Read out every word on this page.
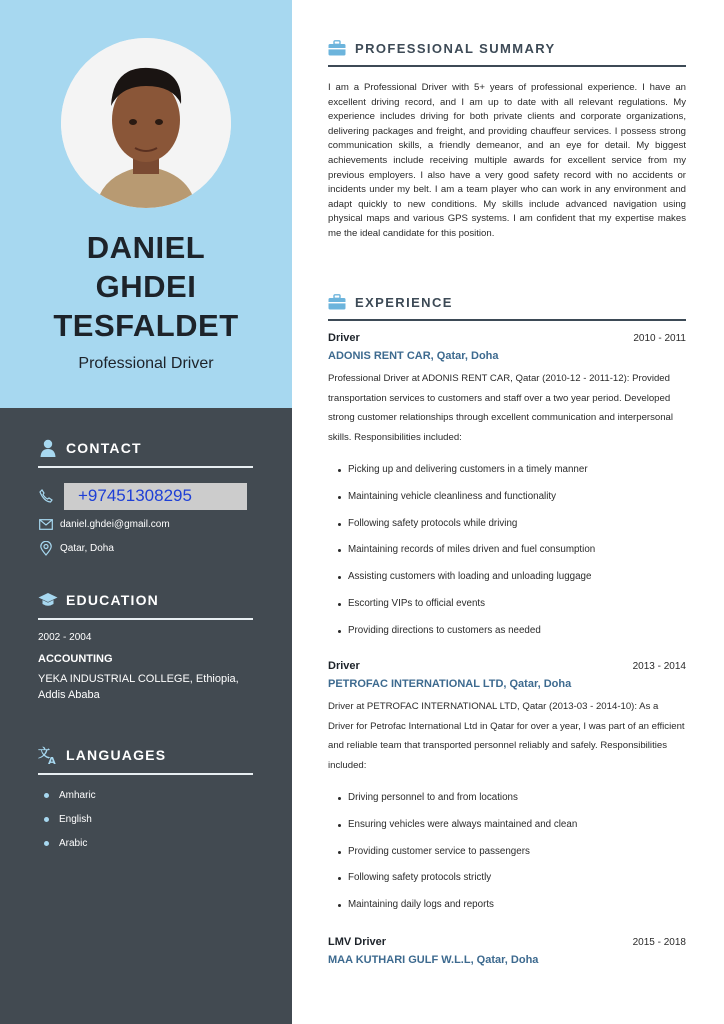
DANIEL
GHDEI
TESFALDET
Professional Driver
CONTACT
+97451308295
daniel.ghdei@gmail.com
Qatar, Doha
EDUCATION
2002 - 2004
ACCOUNTING
YEKA INDUSTRIAL COLLEGE, Ethiopia, Addis Ababa
文
A LANGUAGES
Amharic
English
Arabic
PROFESSIONAL SUMMARY
I am a Professional Driver with 5+ years of professional experience. I have an excellent driving record, and I am up to date with all relevant regulations. My experience includes driving for both private clients and corporate organizations, delivering packages and freight, and providing chauffeur services. I possess strong communication skills, a friendly demeanor, and an eye for detail. My biggest achievements include receiving multiple awards for excellent service from my previous employers. I also have a very good safety record with no accidents or incidents under my belt. I am a team player who can work in any environment and adapt quickly to new conditions. My skills include advanced navigation using physical maps and various GPS systems. I am confident that my expertise makes me the ideal candidate for this position.
EXPERIENCE
Driver	2010 - 2011
ADONIS RENT CAR, Qatar, Doha
Professional Driver at ADONIS RENT CAR, Qatar (2010-12 - 2011-12): Provided transportation services to customers and staff over a two year period. Developed strong customer relationships through excellent communication and interpersonal skills. Responsibilities included:
Picking up and delivering customers in a timely manner
Maintaining vehicle cleanliness and functionality
Following safety protocols while driving
Maintaining records of miles driven and fuel consumption
Assisting customers with loading and unloading luggage
Escorting VIPs to official events
Providing directions to customers as needed
Driver	2013 - 2014
PETROFAC INTERNATIONAL LTD, Qatar, Doha
Driver at PETROFAC INTERNATIONAL LTD, Qatar (2013-03 - 2014-10): As a Driver for Petrofac International Ltd in Qatar for over a year, I was part of an efficient and reliable team that transported personnel reliably and safely. Responsibilities included:
Driving personnel to and from locations
Ensuring vehicles were always maintained and clean
Providing customer service to passengers
Following safety protocols strictly
Maintaining daily logs and reports
LMV Driver	2015 - 2018
MAA KUTHARI GULF W.L.L, Qatar, Doha
